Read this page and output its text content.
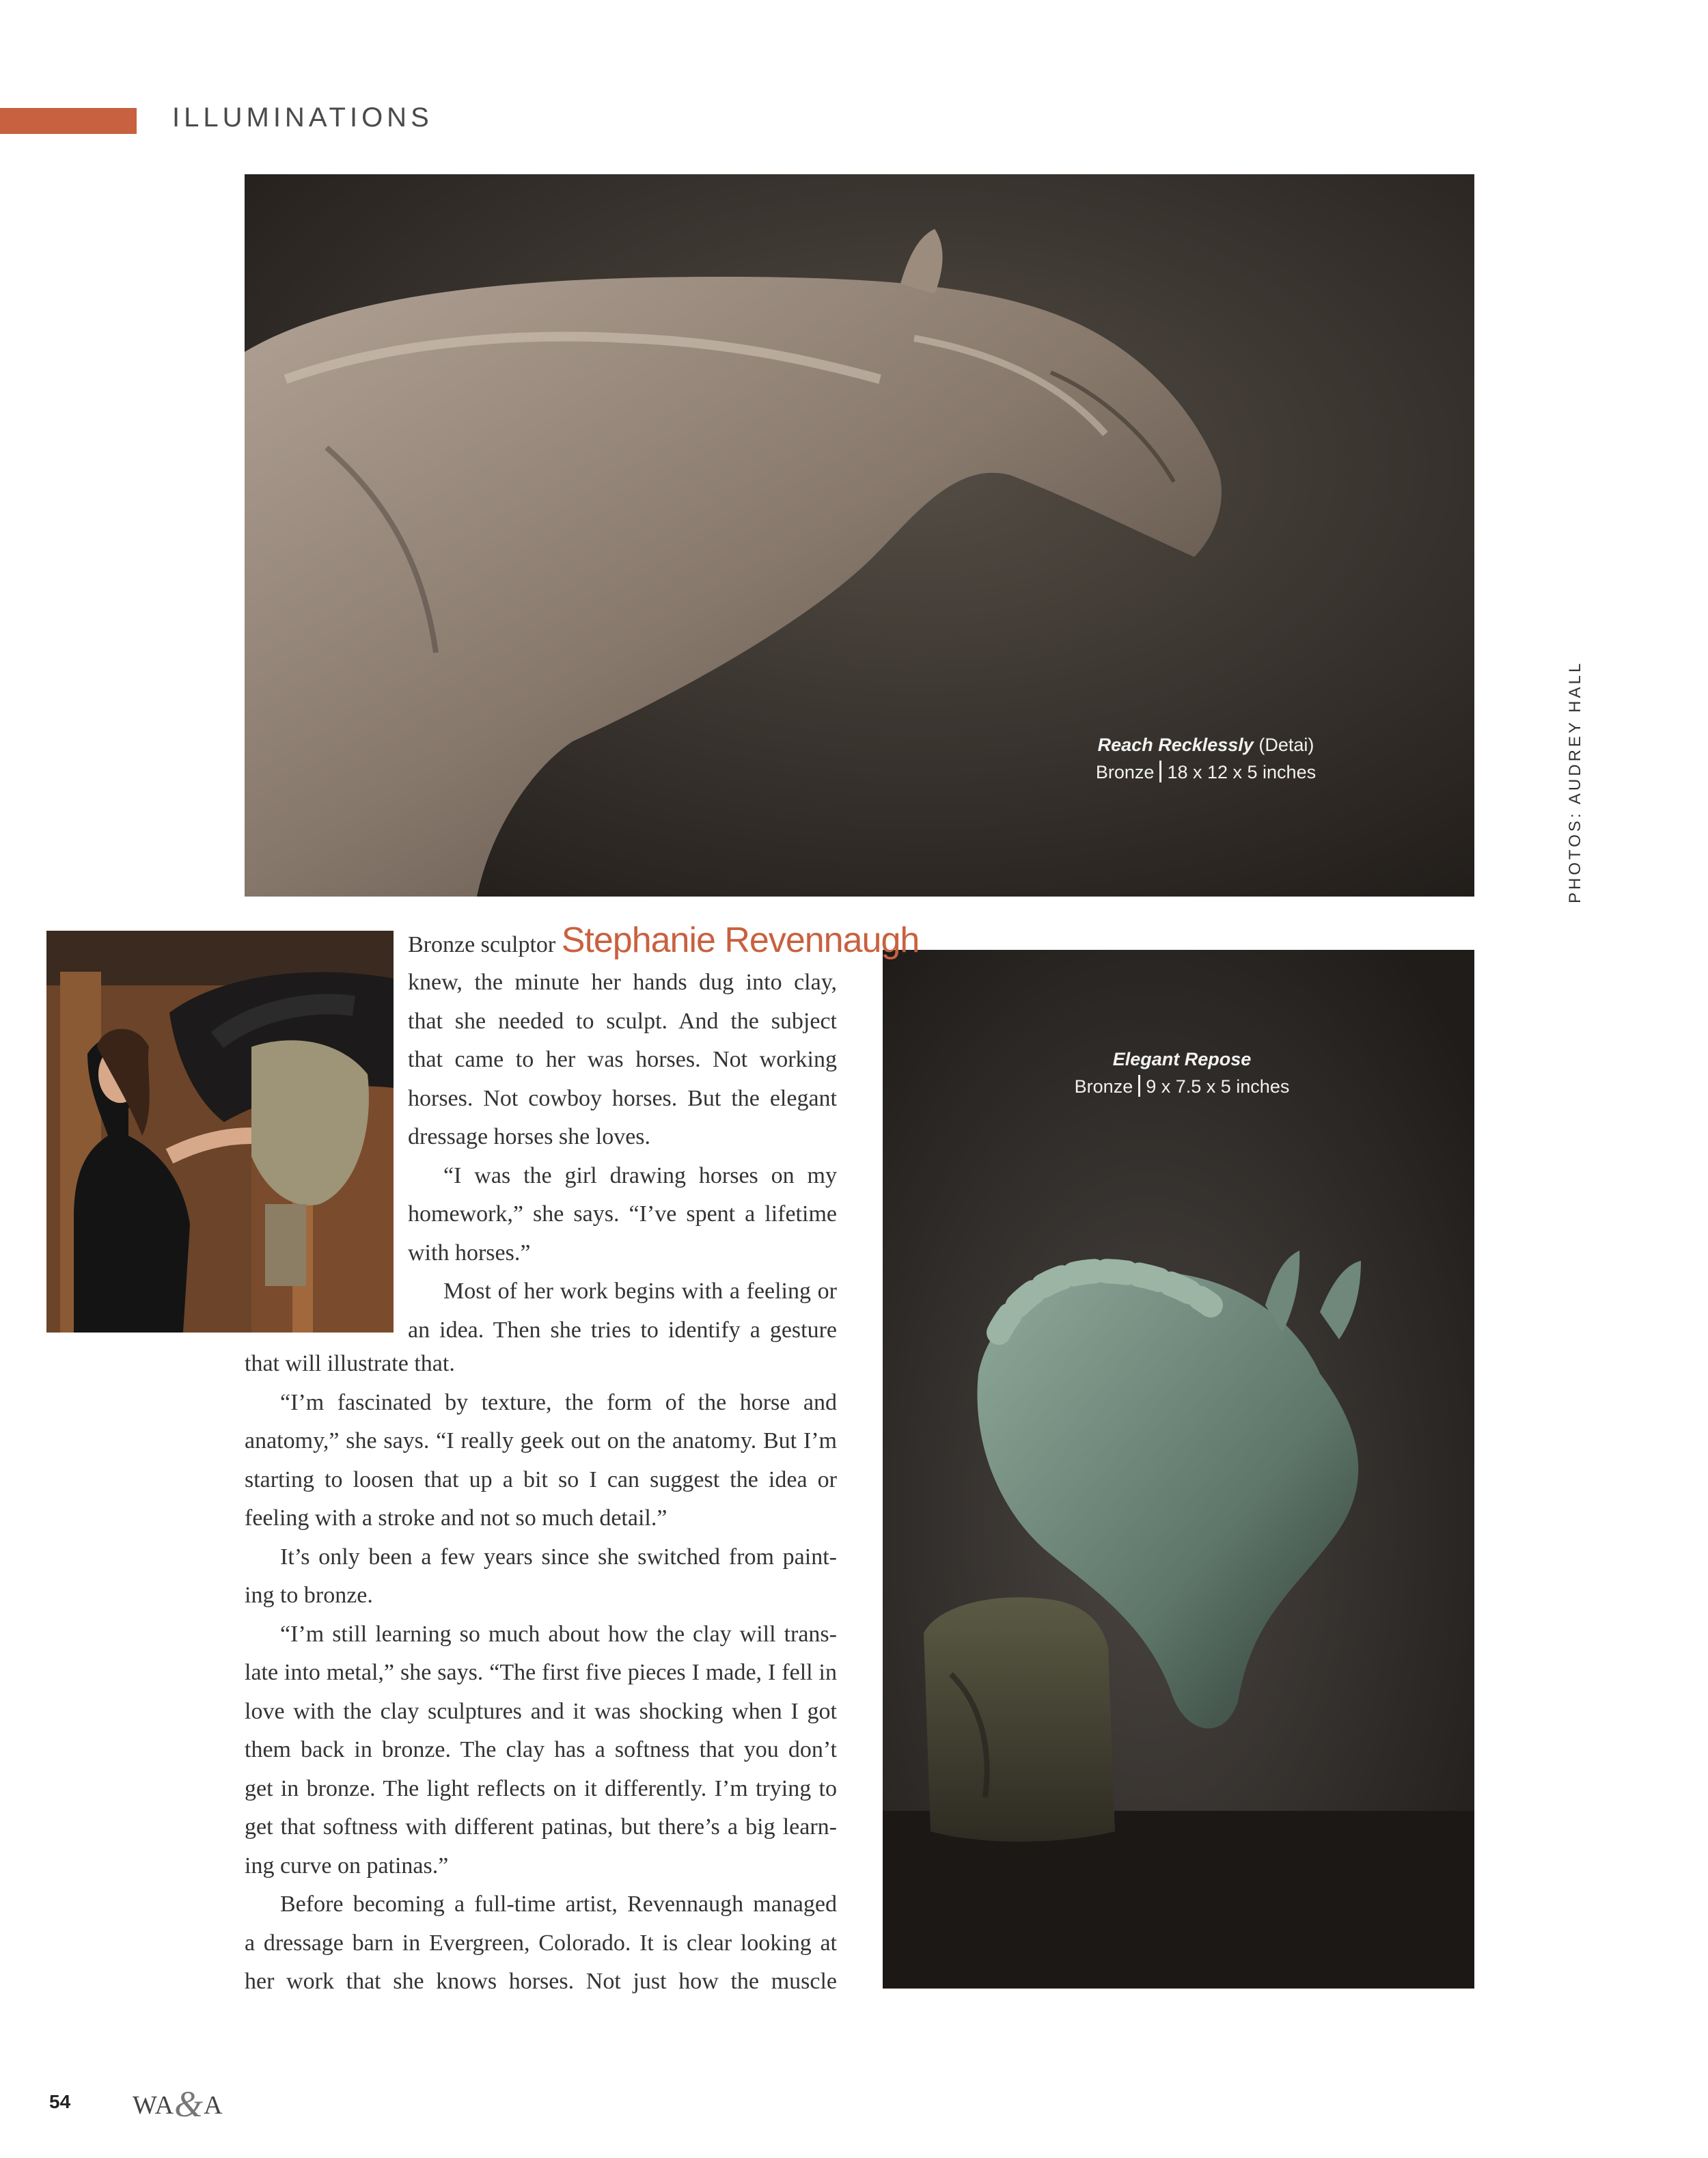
ILLUMINATIONS
Reach Recklessly (Detai)
Bronze 18 x 12 x 5 inches	PHOTOS: AUDREY HALL
Elegant Repose
Bronze 9 x 7.5 x 5 inches
Bronze sculptor Stephanie Revennaugh
knew, the minute her hands dug into clay,
that she needed to sculpt. And the subject
that came to her was horses. Not working
horses. Not cowboy horses. But the elegant
dressage horses she loves.
“I was the girl drawing horses on my
homework,” she says. “I’ve spent a lifetime
with horses.”
Most of her work begins with a feeling or
an idea. Then she tries to identify a gesture
that will illustrate that.
“I’m fascinated by texture, the form of the horse and
anatomy,” she says. “I really geek out on the anatomy. But I’m
starting to loosen that up a bit so I can suggest the idea or
feeling with a stroke and not so much detail.”
It’s only been a few years since she switched from paint-
ing to bronze.
“I’m still learning so much about how the clay will trans-
late into metal,” she says. “The first five pieces I made, I fell in
love with the clay sculptures and it was shocking when I got
them back in bronze. The clay has a softness that you don’t
get in bronze. The light reflects on it differently. I’m trying to
get that softness with different patinas, but there’s a big learn-
ing curve on patinas.”
Before becoming a full-time artist, Revennaugh managed
a dressage barn in Evergreen, Colorado. It is clear looking at
her work that she knows horses. Not just how the muscle
54 WA&A
